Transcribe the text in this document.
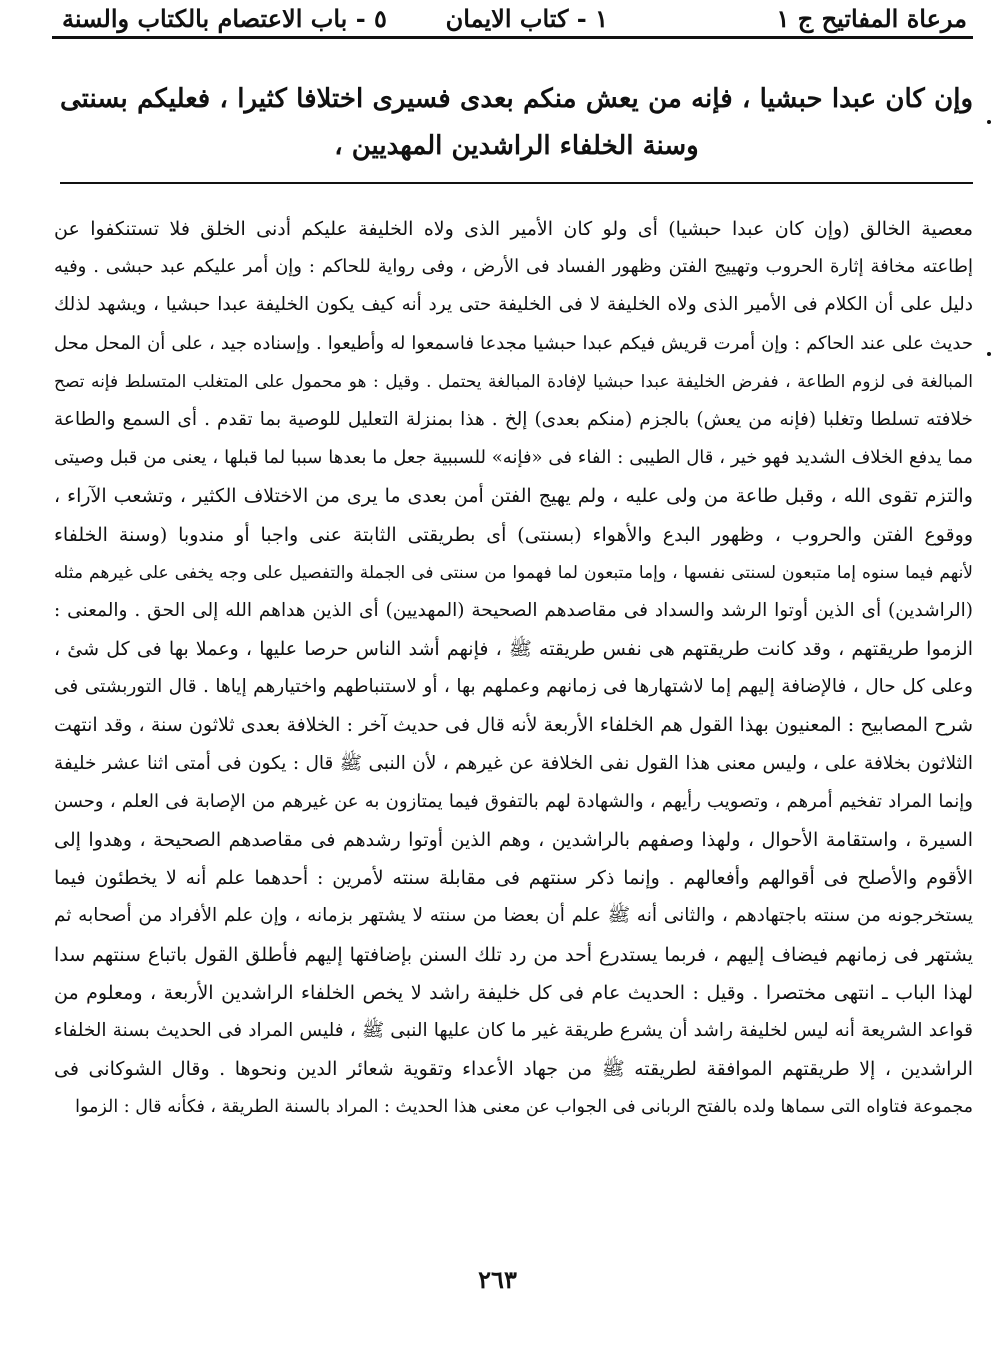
مرعاة المفاتيح ج ١
١ - كتاب الايمان
٥ - باب الاعتصام بالكتاب والسنة
وإن كان عبدا حبشيا ، فإنه من يعش منكم بعدى فسيرى اختلافا كثيرا ، فعليكم بسنتى وسنة الخلفاء الراشدين المهديين ،
معصية الخالق (وإن كان عبدا حبشيا) أى ولو كان الأمير الذى ولاه الخليفة عليكم أدنى الخلق فلا تستنكفوا عن
إطاعته مخافة إثارة الحروب وتهييج الفتن وظهور الفساد فى الأرض ، وفى رواية للحاكم : وإن أمر عليكم عبد حبشى . وفيه
دليل على أن الكلام فى الأمير الذى ولاه الخليفة لا فى الخليفة حتى يرد أنه كيف يكون الخليفة عبدا حبشيا ، ويشهد لذلك
حديث على عند الحاكم : وإن أمرت قريش فيكم عبدا حبشيا مجدعا فاسمعوا له وأطيعوا . وإسناده جيد ، على أن المحل محل
المبالغة فى لزوم الطاعة ، ففرض الخليفة عبدا حبشيا لإفادة المبالغة يحتمل . وقيل : هو محمول على المتغلب المتسلط فإنه تصح
خلافته تسلطا وتغلبا (فإنه من يعش) بالجزم (منكم بعدى) إلخ . هذا بمنزلة التعليل للوصية بما تقدم . أى السمع والطاعة
مما يدفع الخلاف الشديد فهو خير ، قال الطيبى : الفاء فى «فإنه» للسببية جعل ما بعدها سببا لما قبلها ، يعنى من قبل وصيتى
والتزم تقوى الله ، وقبل طاعة من ولى عليه ، ولم يهيج الفتن أمن بعدى ما يرى من الاختلاف الكثير ، وتشعب الآراء ،
ووقوع الفتن والحروب ، وظهور البدع والأهواء (بسنتى) أى بطريقتى الثابتة عنى واجبا أو مندوبا (وسنة الخلفاء
لأنهم فيما سنوه إما متبعون لسنتى نفسها ، وإما متبعون لما فهموا من سنتى فى الجملة والتفصيل على وجه يخفى على غيرهم مثله
(الراشدين) أى الذين أوتوا الرشد والسداد فى مقاصدهم الصحيحة (المهديين) أى الذين هداهم الله إلى الحق . والمعنى :
الزموا طريقتهم ، وقد كانت طريقتهم هى نفس طريقته ﷺ ، فإنهم أشد الناس حرصا عليها ، وعملا بها فى كل شئ ،
وعلى كل حال ، فالإضافة إليهم إما لاشتهارها فى زمانهم وعملهم بها ، أو لاستنباطهم واختيارهم إياها . قال التوربشتى فى
شرح المصابيح : المعنيون بهذا القول هم الخلفاء الأربعة لأنه قال فى حديث آخر : الخلافة بعدى ثلاثون سنة ، وقد انتهت
الثلاثون بخلافة على ، وليس معنى هذا القول نفى الخلافة عن غيرهم ، لأن النبى ﷺ قال : يكون فى أمتى اثنا عشر خليفة
وإنما المراد تفخيم أمرهم ، وتصويب رأيهم ، والشهادة لهم بالتفوق فيما يمتازون به عن غيرهم من الإصابة فى العلم ، وحسن
السيرة ، واستقامة الأحوال ، ولهذا وصفهم بالراشدين ، وهم الذين أوتوا رشدهم فى مقاصدهم الصحيحة ، وهدوا إلى
الأقوم والأصلح فى أقوالهم وأفعالهم . وإنما ذكر سنتهم فى مقابلة سنته لأمرين : أحدهما علم أنه لا يخطئون فيما
يستخرجونه من سنته باجتهادهم ، والثانى أنه ﷺ علم أن بعضا من سنته لا يشتهر بزمانه ، وإن علم الأفراد من أصحابه ثم
يشتهر فى زمانهم فيضاف إليهم ، فربما يستدرع أحد من رد تلك السنن بإضافتها إليهم فأطلق القول باتباع سنتهم سدا
لهذا الباب ـ انتهى مختصرا . وقيل : الحديث عام فى كل خليفة راشد لا يخص الخلفاء الراشدين الأربعة ، ومعلوم من
قواعد الشريعة أنه ليس لخليفة راشد أن يشرع طريقة غير ما كان عليها النبى ﷺ ، فليس المراد فى الحديث بسنة الخلفاء
الراشدين ، إلا طريقتهم الموافقة لطريقته ﷺ من جهاد الأعداء وتقوية شعائر الدين ونحوها . وقال الشوكانى فى
مجموعة فتاواه التى سماها ولده بالفتح الربانى فى الجواب عن معنى هذا الحديث : المراد بالسنة الطريقة ، فكأنه قال : الزموا
٢٦٣
